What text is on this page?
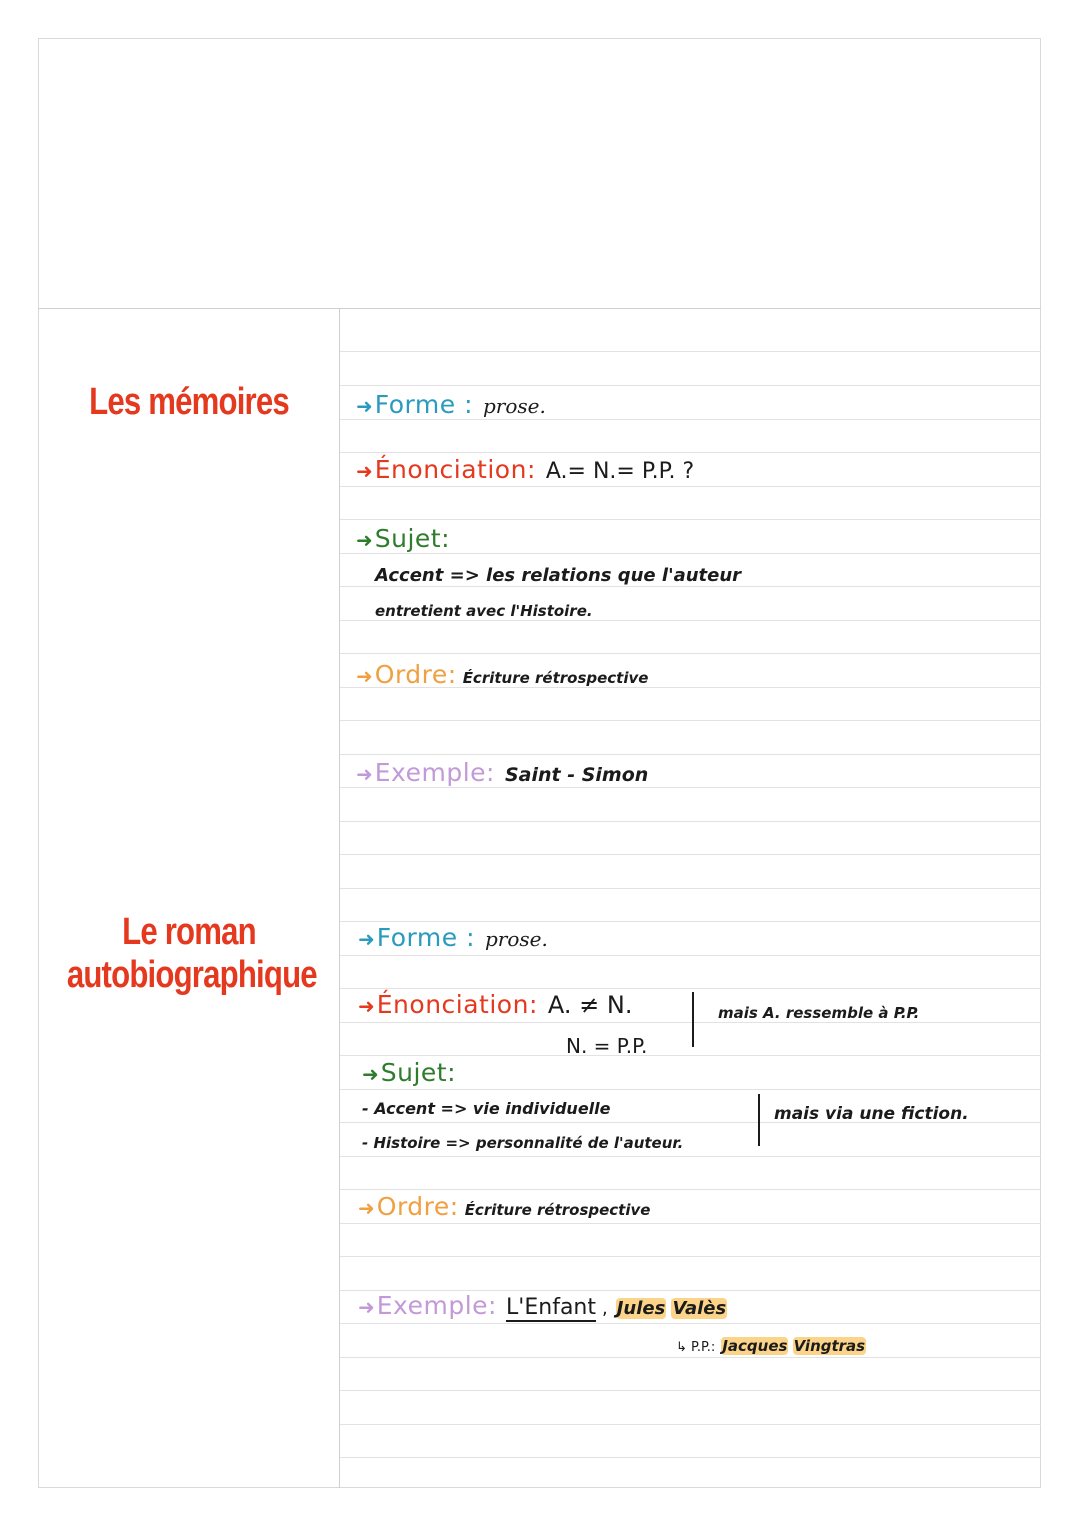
Les mémoires	➜Forme : prose.
➜Énonciation: A.= N.= P.P. ?
➜Sujet:
Accent => les relations que l'auteur
entretient avec l'Histoire.
➜Ordre: Écriture rétrospective
➜Exemple: Saint - Simon
Le roman
autobiographique
➜Forme : prose.
➜Énonciation: A. ≠ N.
N. = P.P.
mais A. ressemble à P.P.
➜Sujet:
- Accent => vie individuelle
- Histoire => personnalité de l'auteur.
mais via une fiction.
➜Ordre: Écriture rétrospective
➜Exemple: L'Enfant , Jules Valès
↳ P.P.: Jacques Vingtras
